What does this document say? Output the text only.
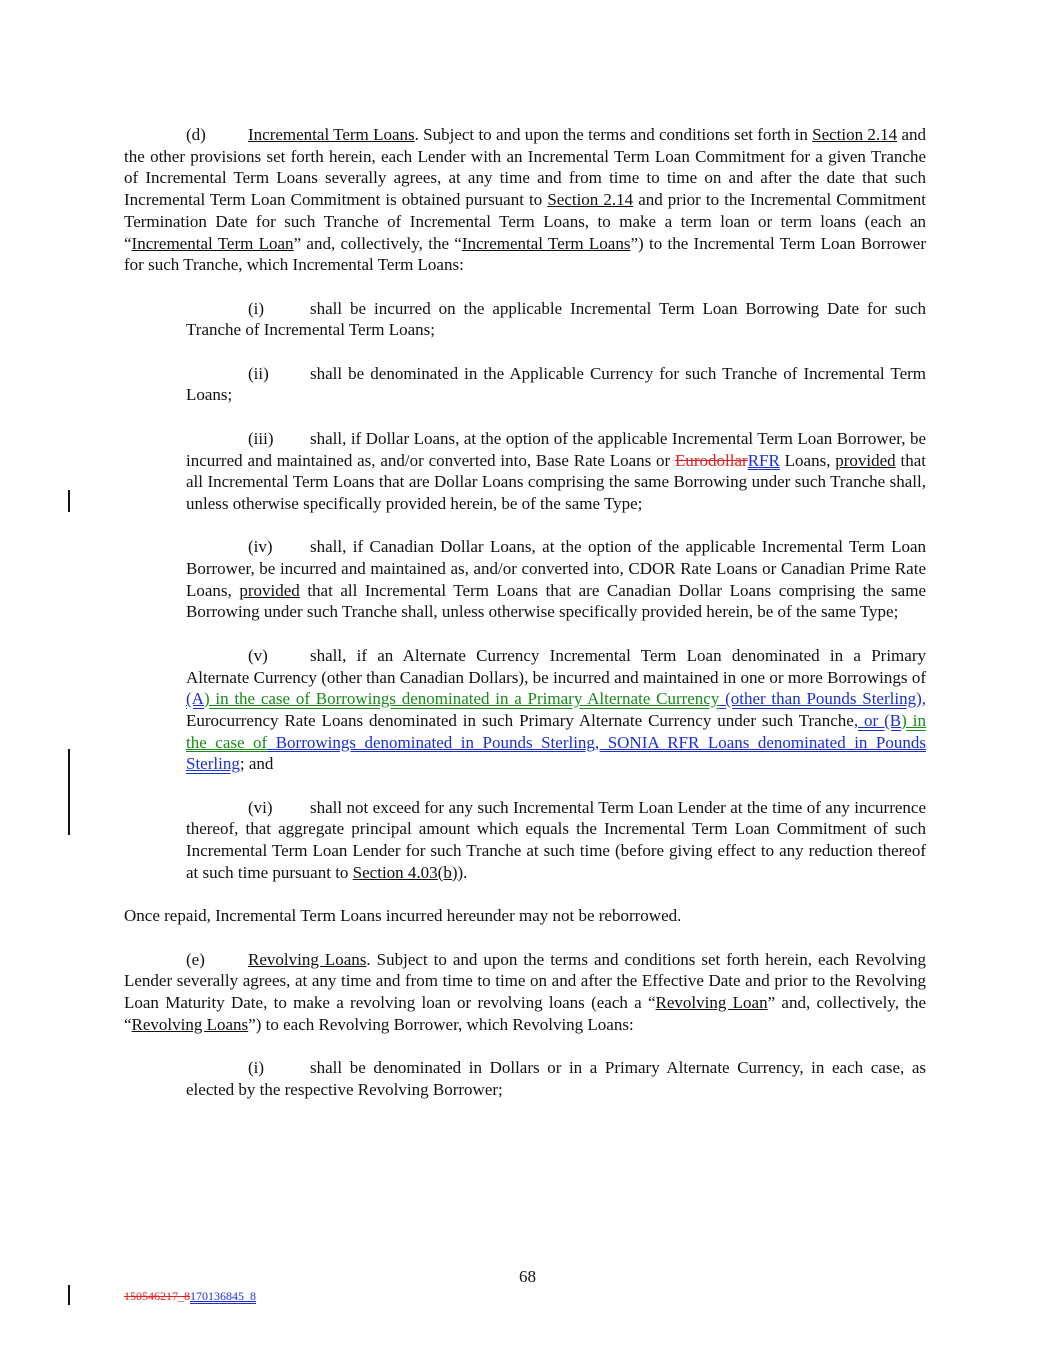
(d) Incremental Term Loans. Subject to and upon the terms and conditions set forth in Section 2.14 and the other provisions set forth herein, each Lender with an Incremental Term Loan Commitment for a given Tranche of Incremental Term Loans severally agrees, at any time and from time to time on and after the date that such Incremental Term Loan Commitment is obtained pursuant to Section 2.14 and prior to the Incremental Commitment Termination Date for such Tranche of Incremental Term Loans, to make a term loan or term loans (each an “Incremental Term Loan” and, collectively, the “Incremental Term Loans”) to the Incremental Term Loan Borrower for such Tranche, which Incremental Term Loans:

(i)	shall be incurred on the applicable Incremental Term Loan Borrowing Date for such Tranche of Incremental Term Loans;

(ii) shall be denominated in the Applicable Currency for such Tranche of Incremental Term Loans;

(iii) shall, if Dollar Loans, at the option of the applicable Incremental Term Loan Borrower, be incurred and maintained as, and/or converted into, Base Rate Loans or EurodollarRFR Loans, provided that all Incremental Term Loans that are Dollar Loans comprising the same Borrowing under such Tranche shall, unless otherwise specifically provided herein, be of the same Type;

(iv) shall, if Canadian Dollar Loans, at the option of the applicable Incremental Term Loan Borrower, be incurred and maintained as, and/or converted into, CDOR Rate Loans or Canadian Prime Rate Loans, provided that all Incremental Term Loans that are Canadian Dollar Loans comprising the same Borrowing under such Tranche shall, unless otherwise specifically provided herein, be of the same Type;

(v) shall, if an Alternate Currency Incremental Term Loan denominated in a Primary Alternate Currency (other than Canadian Dollars), be incurred and maintained in one or more Borrowings of (A) in the case of Borrowings denominated in a Primary Alternate Currency (other than Pounds Sterling), Eurocurrency Rate Loans denominated in such Primary Alternate Currency under such Tranche, or (B) in the case of Borrowings denominated in Pounds Sterling, SONIA RFR Loans denominated in Pounds Sterling; and

(vi) shall not exceed for any such Incremental Term Loan Lender at the time of any incurrence thereof, that aggregate principal amount which equals the Incremental Term Loan Commitment of such Incremental Term Loan Lender for such Tranche at such time (before giving effect to any reduction thereof at such time pursuant to Section 4.03(b)).

Once repaid, Incremental Term Loans incurred hereunder may not be reborrowed.

(e)	Revolving Loans. Subject to and upon the terms and conditions set forth herein, each Revolving Lender severally agrees, at any time and from time to time on and after the Effective Date and prior to the Revolving Loan Maturity Date, to make a revolving loan or revolving loans (each a “Revolving Loan” and, collectively, the “Revolving Loans”) to each Revolving Borrower, which Revolving Loans:

(i)	shall be denominated in Dollars or in a Primary Alternate Currency, in each case, as elected by the respective Revolving Borrower;

68
150546217_8170136845_8
